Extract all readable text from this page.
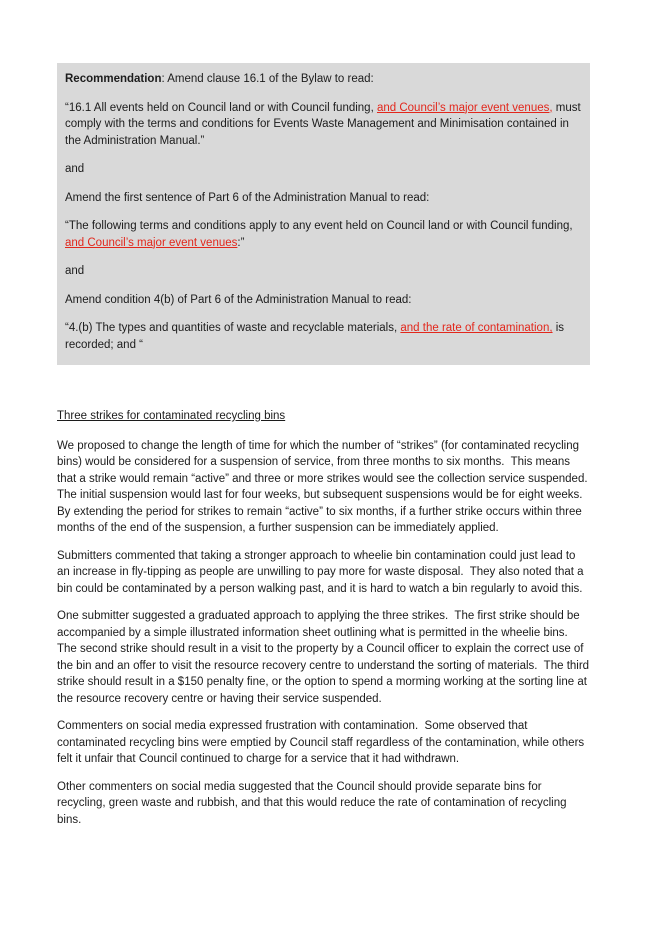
Recommendation: Amend clause 16.1 of the Bylaw to read:

“16.1 All events held on Council land or with Council funding, and Council’s major event venues, must comply with the terms and conditions for Events Waste Management and Minimisation contained in the Administration Manual.”

and

Amend the first sentence of Part 6 of the Administration Manual to read:

“The following terms and conditions apply to any event held on Council land or with Council funding, and Council’s major event venues:”

and

Amend condition 4(b) of Part 6 of the Administration Manual to read:

“4.(b) The types and quantities of waste and recyclable materials, and the rate of contamination, is recorded; and “

Three strikes for contaminated recycling bins

We proposed to change the length of time for which the number of “strikes” (for contaminated recycling bins) would be considered for a suspension of service, from three months to six months.  This means that a strike would remain “active” and three or more strikes would see the collection service suspended.  The initial suspension would last for four weeks, but subsequent suspensions would be for eight weeks.  By extending the period for strikes to remain “active” to six months, if a further strike occurs within three months of the end of the suspension, a further suspension can be immediately applied.

Submitters commented that taking a stronger approach to wheelie bin contamination could just lead to an increase in fly-tipping as people are unwilling to pay more for waste disposal.  They also noted that a bin could be contaminated by a person walking past, and it is hard to watch a bin regularly to avoid this.

One submitter suggested a graduated approach to applying the three strikes.  The first strike should be accompanied by a simple illustrated information sheet outlining what is permitted in the wheelie bins.  The second strike should result in a visit to the property by a Council officer to explain the correct use of the bin and an offer to visit the resource recovery centre to understand the sorting of materials.  The third strike should result in a $150 penalty fine, or the option to spend a morming working at the sorting line at the resource recovery centre or having their service suspended.

Commenters on social media expressed frustration with contamination.  Some observed that contaminated recycling bins were emptied by Council staff regardless of the contamination, while others felt it unfair that Council continued to charge for a service that it had withdrawn.

Other commenters on social media suggested that the Council should provide separate bins for recycling, green waste and rubbish, and that this would reduce the rate of contamination of recycling bins.
